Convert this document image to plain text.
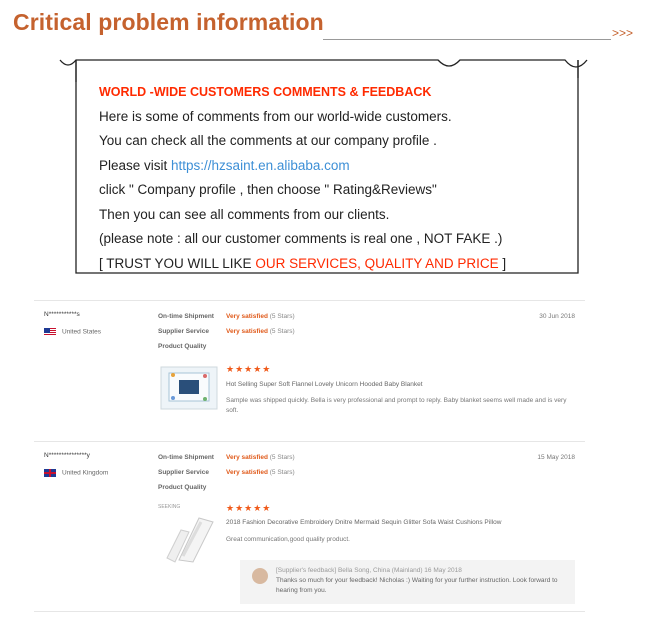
Critical problem information	>>>
WORLD -WIDE CUSTOMERS COMMENTS & FEEDBACK
Here is some of comments from our world-wide customers.
You can check all the comments at our company profile .
Please visit https://hzsaint.en.alibaba.com
click " Company profile , then choose " Rating&Reviews"
Then you can see all comments from our clients.
(please note : all our customer comments is real one , NOT FAKE .)
[ TRUST YOU WILL LIKE OUR SERVICES, QUALITY AND PRICE ]
N***********s
United States
On-time Shipment Very satisfied (5 Stars)
Supplier Service	Very satisfied (5 Stars)
Product Quality
30 Jun 2018
★★★★★
Hot Selling Super Soft Flannel Lovely Unicorn Hooded Baby Blanket
Sample was shipped quickly. Bella is very professional and prompt to reply. Baby blanket seems well made and is very soft.
N***************y
United Kingdom
On-time Shipment Very satisfied (5 Stars)
Supplier Service	Very satisfied (5 Stars)
Product Quality
15 May 2018
SEEKING	★★★★★
2018 Fashion Decorative Embroidery Dnitre Mermaid Sequin Glitter Sofa Waist Cushions Pillow
Great communication,good quality product.
[Supplier's feedback] Bella Song, China (Mainland) 16 May 2018
Thanks so much for your feedback! Nicholas :) Waiting for your further instruction. Look forward to hearing from you.
